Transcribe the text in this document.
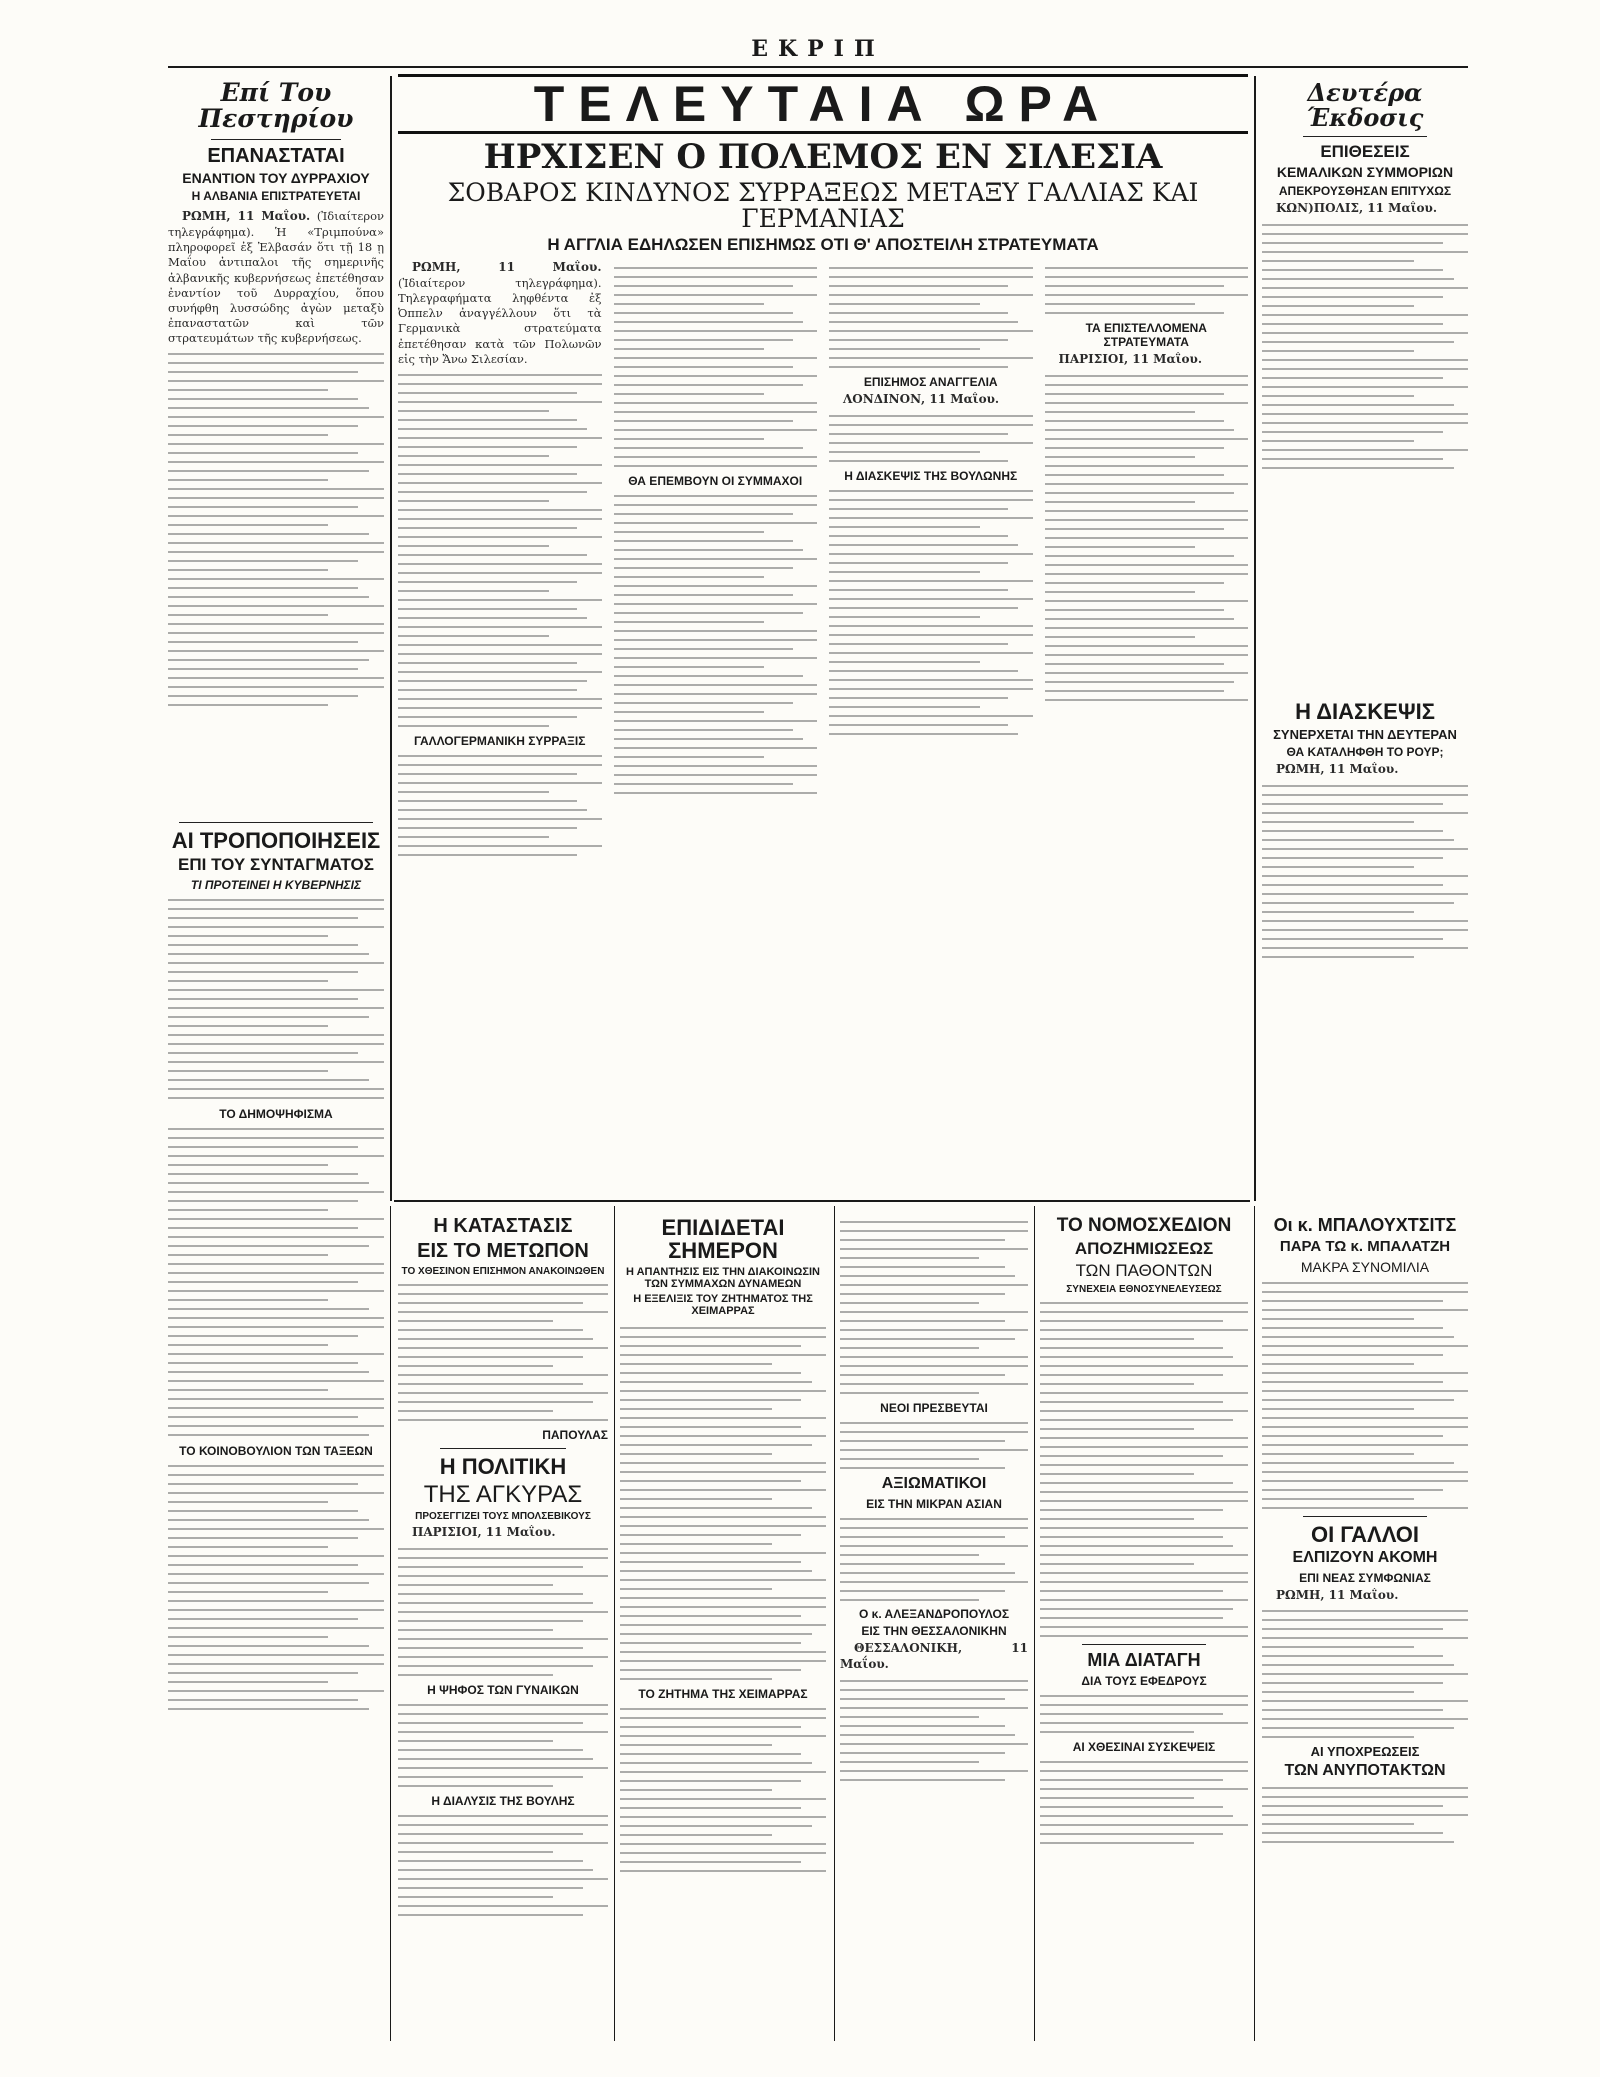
ΕΚΡΙΠ
Επί Του Πεστηρίου
ΕΠΑΝΑΣΤΑΤΑΙ
ΕΝΑΝΤΙΟΝ ΤΟΥ ΔΥΡΡΑΧΙΟΥ
Η ΑΛΒΑΝΙΑ ΕΠΙΣΤΡΑΤΕΥΕΤΑΙ

ΡΩΜΗ, 11 Μαΐου. (Ἰδιαίτερον τηλεγράφημα). Ἡ «Τριμπούνα» πληροφορεῖ ἐξ Ἐλβασάν ὅτι τῇ 18 ῃ Μαΐου ἀντιπαλοι τῆς σημερινῆς ἀλβανικῆς κυβερνήσεως ἐπετέθησαν ἐναντίον τοῦ Δυρραχίου, ὅπου συνήφθη λυσσώδης ἀγὼν μεταξὺ ἐπαναστατῶν καὶ τῶν στρατευμάτων τῆς κυβερνήσεως.

ΑΙ ΤΡΟΠΟΠΟΙΗΣΕΙΣ
ΕΠΙ ΤΟΥ ΣΥΝΤΑΓΜΑΤΟΣ
ΤΙ ΠΡΟΤΕΙΝΕΙ Η ΚΥΒΕΡΝΗΣΙΣ
ΤΟ ΔΗΜΟΨΗΦΙΣΜΑ
ΤΟ ΚΟΙΝΟΒΟΥΛΙΟΝ ΤΩΝ ΤΑΞΕΩΝ
ΤΕΛΕΥΤΑΙΑ ΩΡΑ
ΗΡΧΙΣΕΝ Ο ΠΟΛΕΜΟΣ ΕΝ ΣΙΛΕΣΙΑ
ΣΟΒΑΡΟΣ ΚΙΝΔΥΝΟΣ ΣΥΡΡΑΞΕΩΣ ΜΕΤΑΞΥ ΓΑΛΛΙΑΣ ΚΑΙ ΓΕΡΜΑΝΙΑΣ
Η ΑΓΓΛΙΑ ΕΔΗΛΩΣΕΝ ΕΠΙΣΗΜΩΣ ΟΤΙ Θ' ΑΠΟΣΤΕΙΛΗ ΣΤΡΑΤΕΥΜΑΤΑ

ΡΩΜΗ, 11 Μαΐου. (Ἰδιαίτερον τηλεγράφημα). Τηλεγραφήματα ληφθέντα ἐξ Ὀππελν ἀναγγέλλουν ὅτι τὰ Γερμανικὰ στρατεύματα ἐπετέθησαν κατὰ τῶν Πολωνῶν εἰς τὴν Ἄνω Σιλεσίαν.

ΓΑΛΛΟΓΕΡΜΑΝΙΚΗ ΣΥΡΡΑΞΙΣ
ΘΑ ΕΠΕΜΒΟΥΝ ΟΙ ΣΥΜΜΑΧΟΙ
ΕΠΙΣΗΜΟΣ ΑΝΑΓΓΕΛΙΑ

ΛΟΝΔΙΝΟΝ, 11 Μαΐου.

Η ΔΙΑΣΚΕΨΙΣ ΤΗΣ ΒΟΥΛΩΝΗΣ
ΤΑ ΕΠΙΣΤΕΛΛΟΜΕΝΑ ΣΤΡΑΤΕΥΜΑΤΑ

ΠΑΡΙΣΙΟΙ, 11 Μαΐου.

Δευτέρα Έκδοσις
ΕΠΙΘΕΣΕΙΣ
ΚΕΜΑΛΙΚΩΝ ΣΥΜΜΟΡΙΩΝ
ΑΠΕΚΡΟΥΣΘΗΣΑΝ ΕΠΙΤΥΧΩΣ

ΚΩΝ)ΠΟΛΙΣ, 11 Μαΐου.

Η ΔΙΑΣΚΕΨΙΣ
ΣΥΝΕΡΧΕΤΑΙ ΤΗΝ ΔΕΥΤΕΡΑΝ
ΘΑ ΚΑΤΑΛΗΦΘΗ ΤΟ ΡΟΥΡ;

ΡΩΜΗ, 11 Μαΐου.

Η ΚΑΤΑΣΤΑΣΙΣ
ΕΙΣ ΤΟ ΜΕΤΩΠΟΝ
ΤΟ ΧΘΕΣΙΝΟΝ ΕΠΙΣΗΜΟΝ ΑΝΑΚΟΙΝΩΘΕΝ
ΠΑΠΟΥΛΑΣ
Η ΠΟΛΙΤΙΚΗ
ΤΗΣ ΑΓΚΥΡΑΣ
ΠΡΟΣΕΓΓΙΖΕΙ ΤΟΥΣ ΜΠΟΛΣΕΒΙΚΟΥΣ

ΠΑΡΙΣΙΟΙ, 11 Μαΐου.

Η ΨΗΦΟΣ ΤΩΝ ΓΥΝΑΙΚΩΝ
Η ΔΙΑΛΥΣΙΣ ΤΗΣ ΒΟΥΛΗΣ
ΕΠΙΔΙΔΕΤΑΙ ΣΗΜΕΡΟΝ
Η ΑΠΑΝΤΗΣΙΣ ΕΙΣ ΤΗΝ ΔΙΑΚΟΙΝΩΣΙΝ ΤΩΝ ΣΥΜΜΑΧΩΝ ΔΥΝΑΜΕΩΝ
Η ΕΞΕΛΙΞΙΣ ΤΟΥ ΖΗΤΗΜΑΤΟΣ ΤΗΣ ΧΕΙΜΑΡΡΑΣ
ΤΟ ΖΗΤΗΜΑ ΤΗΣ ΧΕΙΜΑΡΡΑΣ
ΤΟ ΝΟΜΟΣΧΕΔΙΟΝ
ΑΠΟΖΗΜΙΩΣΕΩΣ
ΤΩΝ ΠΑΘΟΝΤΩΝ
ΣΥΝΕΧΕΙΑ ΕΘΝΟΣΥΝΕΛΕΥΣΕΩΣ
ΜΙΑ ΔΙΑΤΑΓΗ
ΔΙΑ ΤΟΥΣ ΕΦΕΔΡΟΥΣ
ΑΙ ΧΘΕΣΙΝΑΙ ΣΥΣΚΕΨΕΙΣ
Οι κ. ΜΠΑΛΟΥΧΤΣΙΤΣ
ΠΑΡΑ ΤΩ κ. ΜΠΑΛΑΤΖΗ
ΜΑΚΡΑ ΣΥΝΟΜΙΛΙΑ
ΟΙ ΓΑΛΛΟΙ
ΕΛΠΙΖΟΥΝ ΑΚΟΜΗ
ΕΠΙ ΝΕΑΣ ΣΥΜΦΩΝΙΑΣ

ΡΩΜΗ, 11 Μαΐου.

ΑΙ ΥΠΟΧΡΕΩΣΕΙΣ
ΤΩΝ ΑΝΥΠΟΤΑΚΤΩΝ
ΝΕΟΙ ΠΡΕΣΒΕΥΤΑΙ
ΑΞΙΩΜΑΤΙΚΟΙ
ΕΙΣ ΤΗΝ ΜΙΚΡΑΝ ΑΣΙΑΝ
Ο κ. ΑΛΕΞΑΝΔΡΟΠΟΥΛΟΣ
ΕΙΣ ΤΗΝ ΘΕΣΣΑΛΟΝΙΚΗΝ

ΘΕΣΣΑΛΟΝΙΚΗ, 11 Μαΐου.
